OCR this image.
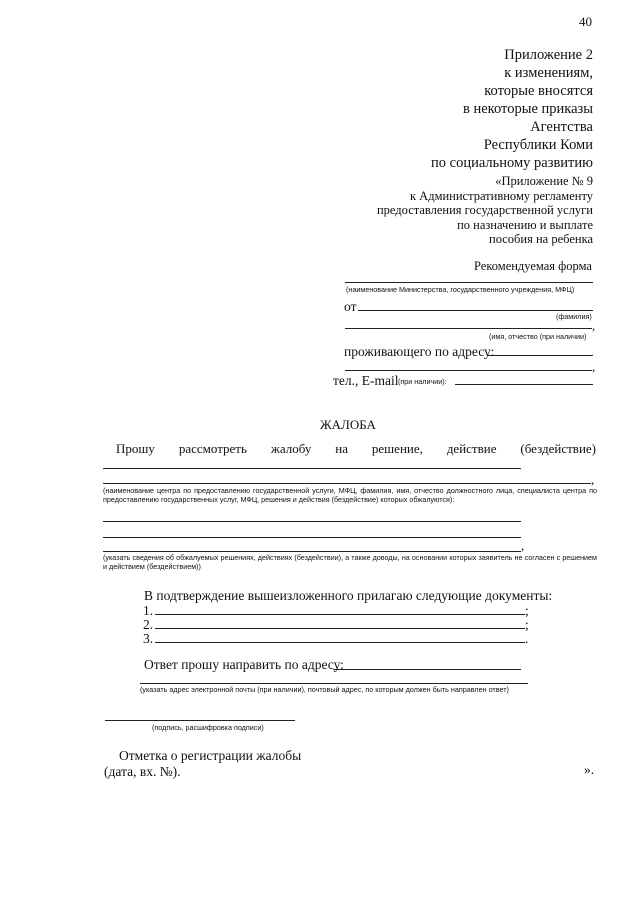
40
Приложение 2
к изменениям,
которые вносятся
в некоторые приказы
Агентства
Республики Коми
по социальному развитию
«Приложение № 9
к Административному регламенту
предоставления государственной услуги
по назначению и выплате
пособия на ребенка
Рекомендуемая форма
(наименование Министерства, государственного учреждения, МФЦ)
от
(фамилия)
,
(имя, отчество (при наличии)
проживающего по адресу:
,
тел., E-mail (при наличии):
ЖАЛОБА
Прошу рассмотреть жалобу на решение, действие (бездействие)
,
(наименование центра по предоставлению государственной услуги, МФЦ, фамилия, имя, отчество должностного лица, специалиста центра по предоставлению государственных услуг, МФЦ, решения и действия (бездействие) которых обжалуются):
,
(указать сведения об обжалуемых решениях, действиях (бездействии), а также доводы, на основании которых заявитель не согласен с решением и действием (бездействием))
В подтверждение вышеизложенного прилагаю следующие документы:
1.	;
2.	;
3.	.
Ответ прошу направить по адресу:
(указать адрес электронной почты (при наличии), почтовый адрес, по которым должен быть направлен ответ)
(подпись, расшифровка подписи)
Отметка о регистрации жалобы
(дата, вх. №).	».
